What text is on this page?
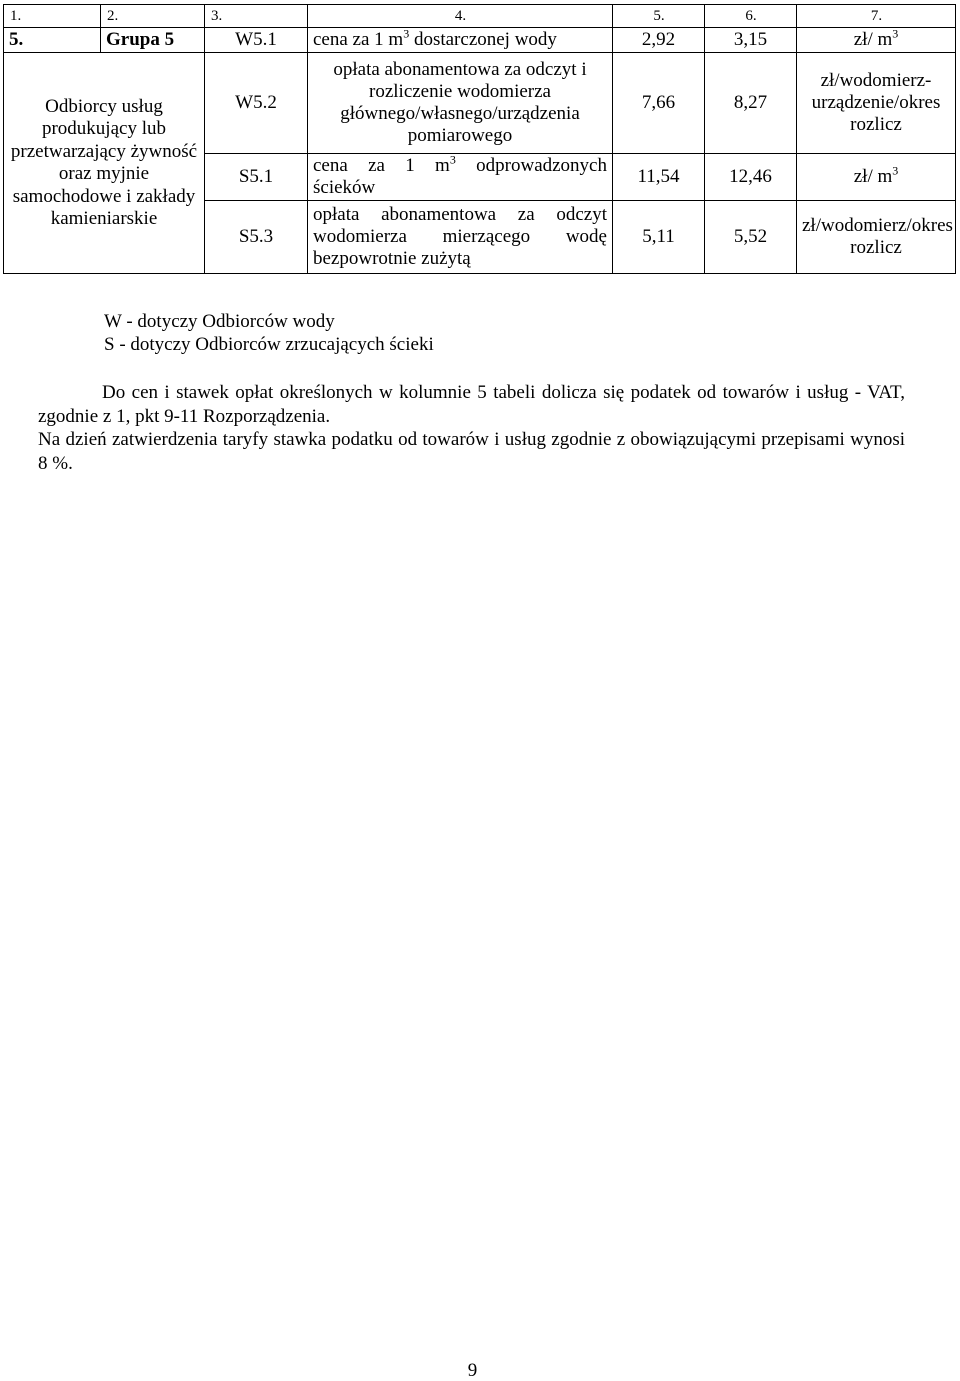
1.	2.	3.	4.	5.	6.	7.
5.	Grupa 5	W5.1	cena za 1 $m^3$ dostarczonej wody	2,92	3,15	zł/ $m^3$
Odbiorcy usług produkujący lub przetwarzający żywność oraz myjnie samochodowe i zakłady kamieniarskie		W5.2	opłata abonamentowa za odczyt i rozliczenie wodomierza głównego/własnego/urządzenia pomiarowego	7,66	8,27	zł/wodomierz-urządzenie/okres rozlicz
		S5.1	cena za 1 $m^3$ odprowadzonych ścieków	11,54	12,46	zł/ $m^3$
		S5.3	opłata abonamentowa za odczyt wodomierza mierzącego wodę bezpowrotnie zużytą	5,11	5,52	zł/wodomierz/okres rozlicz
W - dotyczy Odbiorców wody
S - dotyczy Odbiorców zrzucających ścieki

Do cen i stawek opłat określonych w kolumnie 5 tabeli dolicza się podatek od towarów i usług - VAT, zgodnie z 1, pkt 9-11 Rozporządzenia.

Na dzień zatwierdzenia taryfy stawka podatku od towarów i usług zgodnie z obowiązującymi przepisami wynosi 8 %.

9
